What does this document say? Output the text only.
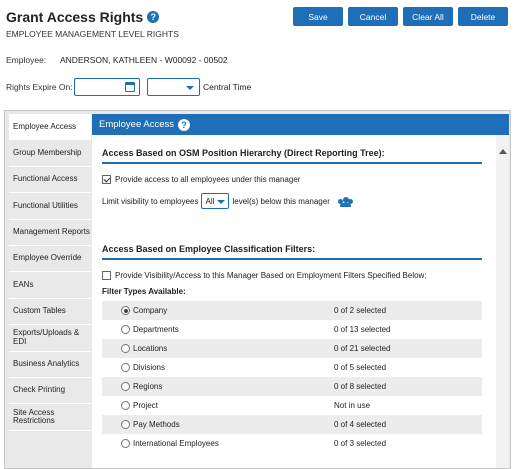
Grant Access Rights ?
EMPLOYEE MANAGEMENT LEVEL RIGHTS
Save	Cancel	Clear All	Delete
Employee:	ANDERSON, KATHLEEN - W00092 - 00502
Rights Expire On:	Central Time
Employee Access
Group Membership
Functional Access
Functional Utilities
Management Reports
Employee Override
EANs
Custom Tables
Exports/Uploads & EDI
Business Analytics
Check Printing
Site Access Restrictions
Employee Access ?
Access Based on OSM Position Hierarchy (Direct Reporting Tree):
Provide access to all employees under this manager
Limit visibility to employees All level(s) below this manager
Access Based on Employee Classification Filters:
Provide Visibility/Access to this Manager Based on Employment Filters Specified Below:
Filter Types Available:
Company	0 of 2 selected
Departments	0 of 13 selected
Locations	0 of 21 selected
Divisions	0 of 5 selected
Regions	0 of 8 selected
Project	Not in use
Pay Methods	0 of 4 selected
International Employees	0 of 3 selected
